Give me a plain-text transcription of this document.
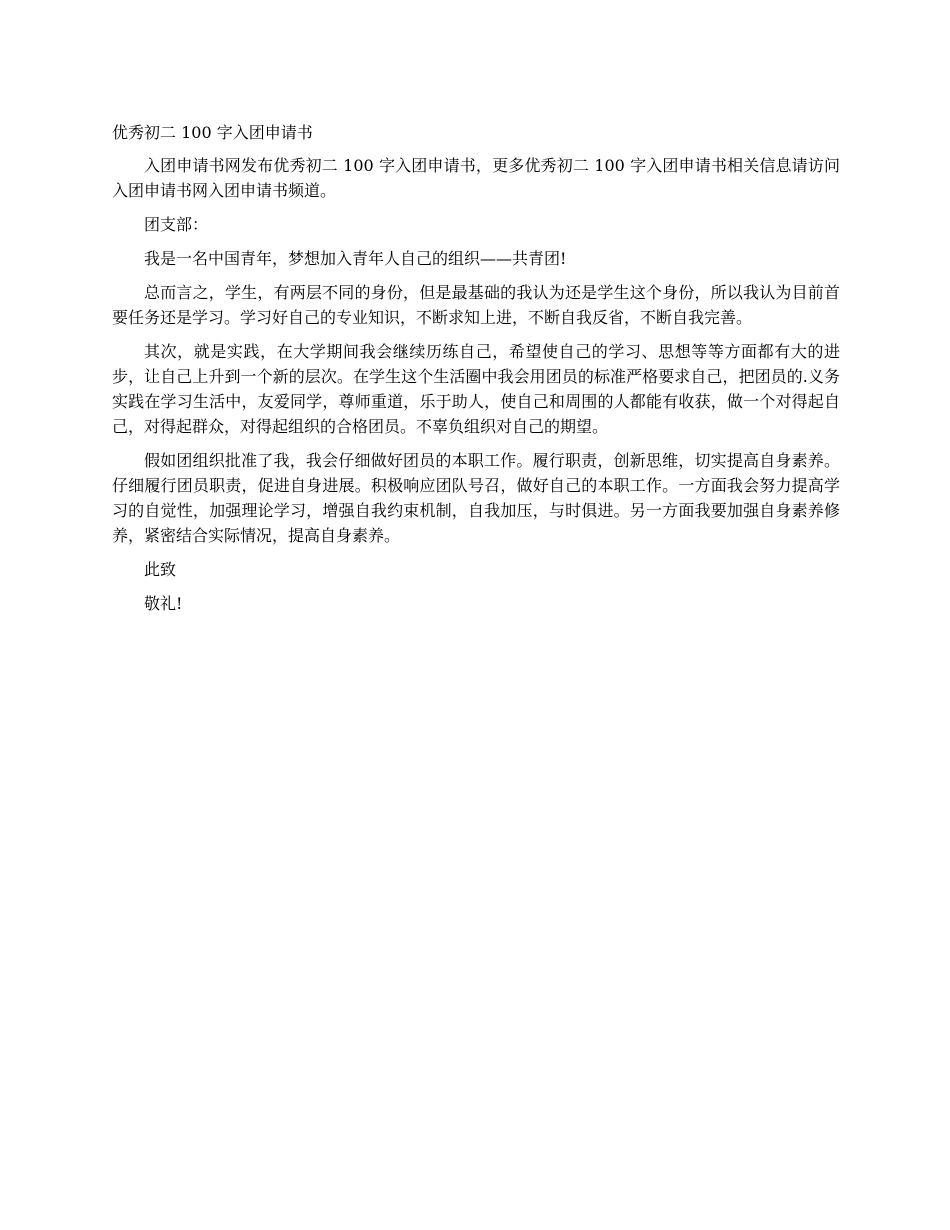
优秀初二 100 字入团申请书

入团申请书网发布优秀初二 100 字入团申请书，更多优秀初二 100 字入团申请书相关信息请访问入团申请书网入团申请书频道。

团支部：

我是一名中国青年，梦想加入青年人自己的组织——共青团!

总而言之，学生，有两层不同的身份，但是最基础的我认为还是学生这个身份，所以我认为目前首要任务还是学习。学习好自己的专业知识，不断求知上进，不断自我反省，不断自我完善。

其次，就是实践，在大学期间我会继续历练自己，希望使自己的学习、思想等等方面都有大的进步，让自己上升到一个新的层次。在学生这个生活圈中我会用团员的标准严格要求自己，把团员的.义务实践在学习生活中，友爱同学，尊师重道，乐于助人，使自己和周围的人都能有收获，做一个对得起自己，对得起群众，对得起组织的合格团员。不辜负组织对自己的期望。

假如团组织批准了我，我会仔细做好团员的本职工作。履行职责，创新思维，切实提高自身素养。仔细履行团员职责，促进自身进展。积极响应团队号召，做好自己的本职工作。一方面我会努力提高学习的自觉性，加强理论学习，增强自我约束机制，自我加压，与时俱进。另一方面我要加强自身素养修养，紧密结合实际情况，提高自身素养。

此致

敬礼!
